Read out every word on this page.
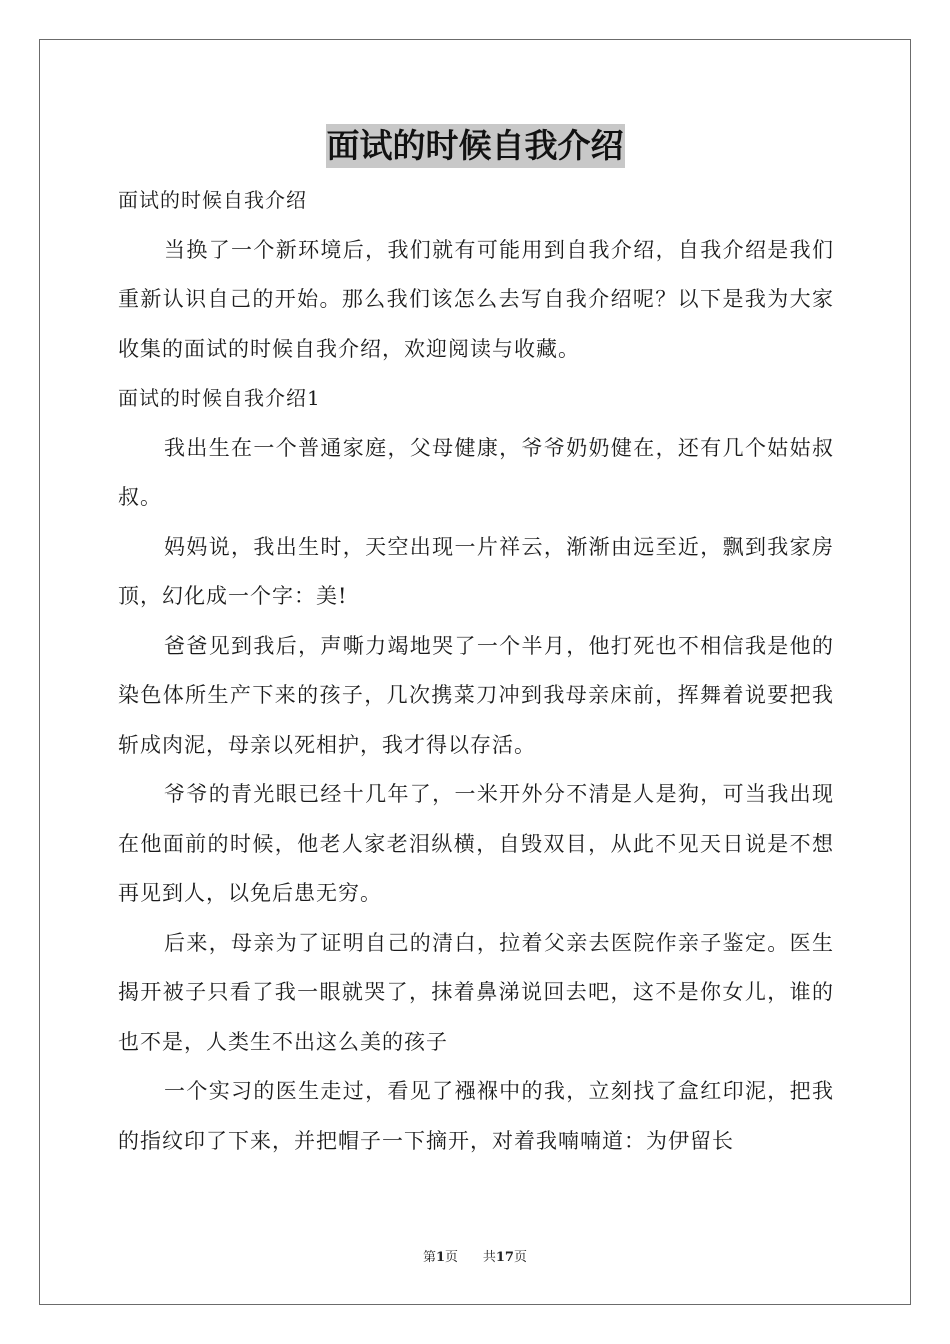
面试的时候自我介绍

面试的时候自我介绍

当换了一个新环境后，我们就有可能用到自我介绍，自我介绍是我们重新认识自己的开始。那么我们该怎么去写自我介绍呢？以下是我为大家收集的面试的时候自我介绍，欢迎阅读与收藏。

面试的时候自我介绍1

我出生在一个普通家庭，父母健康，爷爷奶奶健在，还有几个姑姑叔叔。

妈妈说，我出生时，天空出现一片祥云，渐渐由远至近，飘到我家房顶，幻化成一个字：美!

爸爸见到我后，声嘶力竭地哭了一个半月，他打死也不相信我是他的染色体所生产下来的孩子，几次携菜刀冲到我母亲床前，挥舞着说要把我斩成肉泥，母亲以死相护，我才得以存活。

爷爷的青光眼已经十几年了，一米开外分不清是人是狗，可当我出现在他面前的时候，他老人家老泪纵横，自毁双目，从此不见天日说是不想再见到人，以免后患无穷。

后来，母亲为了证明自己的清白，拉着父亲去医院作亲子鉴定。医生揭开被子只看了我一眼就哭了，抹着鼻涕说回去吧，这不是你女儿，谁的也不是，人类生不出这么美的孩子

一个实习的医生走过，看见了襁褓中的我，立刻找了盒红印泥，把我的指纹印了下来，并把帽子一下摘开，对着我喃喃道：为伊留长

第1页 共17页
